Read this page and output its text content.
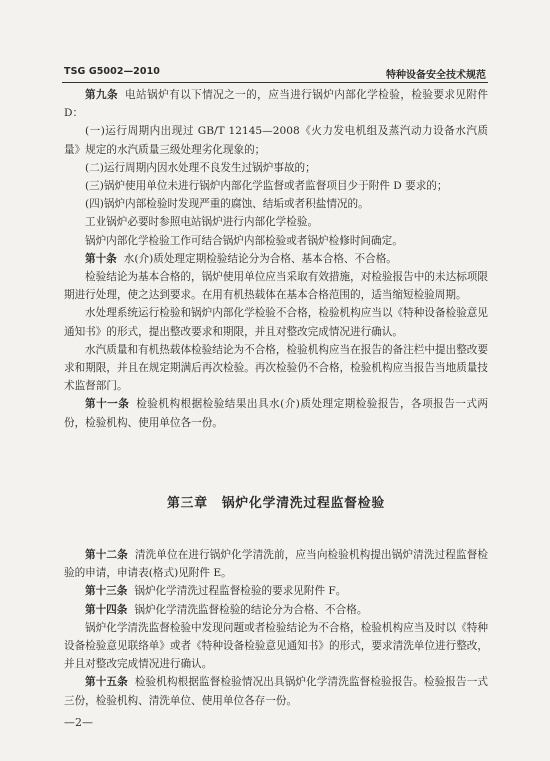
TSG G5002—2010	特种设备安全技术规范

第九条 电站锅炉有以下情况之一的，应当进行锅炉内部化学检验，检验要求见附件 D：

(一)运行周期内出现过 GB/T 12145—2008《火力发电机组及蒸汽动力设备水汽质量》规定的水汽质量三级处理劣化现象的；

(二)运行周期内因水处理不良发生过锅炉事故的；

(三)锅炉使用单位未进行锅炉内部化学监督或者监督项目少于附件 D 要求的；

(四)锅炉内部检验时发现严重的腐蚀、结垢或者积盐情况的。

工业锅炉必要时参照电站锅炉进行内部化学检验。

锅炉内部化学检验工作可结合锅炉内部检验或者锅炉检修时间确定。

第十条 水(介)质处理定期检验结论分为合格、基本合格、不合格。

检验结论为基本合格的，锅炉使用单位应当采取有效措施，对检验报告中的未达标项限期进行处理，使之达到要求。在用有机热载体在基本合格范围的，适当缩短检验周期。

水处理系统运行检验和锅炉内部化学检验不合格，检验机构应当以《特种设备检验意见通知书》的形式，提出整改要求和期限，并且对整改完成情况进行确认。

水汽质量和有机热载体检验结论为不合格，检验机构应当在报告的备注栏中提出整改要求和期限，并且在规定期满后再次检验。再次检验仍不合格，检验机构应当报告当地质量技术监督部门。

第十一条 检验机构根据检验结果出具水(介)质处理定期检验报告，各项报告一式两份，检验机构、使用单位各一份。

第三章 锅炉化学清洗过程监督检验

第十二条 清洗单位在进行锅炉化学清洗前，应当向检验机构提出锅炉清洗过程监督检验的申请，申请表(格式)见附件 E。

第十三条 锅炉化学清洗过程监督检验的要求见附件 F。

第十四条 锅炉化学清洗监督检验的结论分为合格、不合格。

锅炉化学清洗监督检验中发现问题或者检验结论为不合格，检验机构应当及时以《特种设备检验意见联络单》或者《特种设备检验意见通知书》的形式，要求清洗单位进行整改，并且对整改完成情况进行确认。

第十五条 检验机构根据监督检验情况出具锅炉化学清洗监督检验报告。检验报告一式三份，检验机构、清洗单位、使用单位各存一份。

—2—
